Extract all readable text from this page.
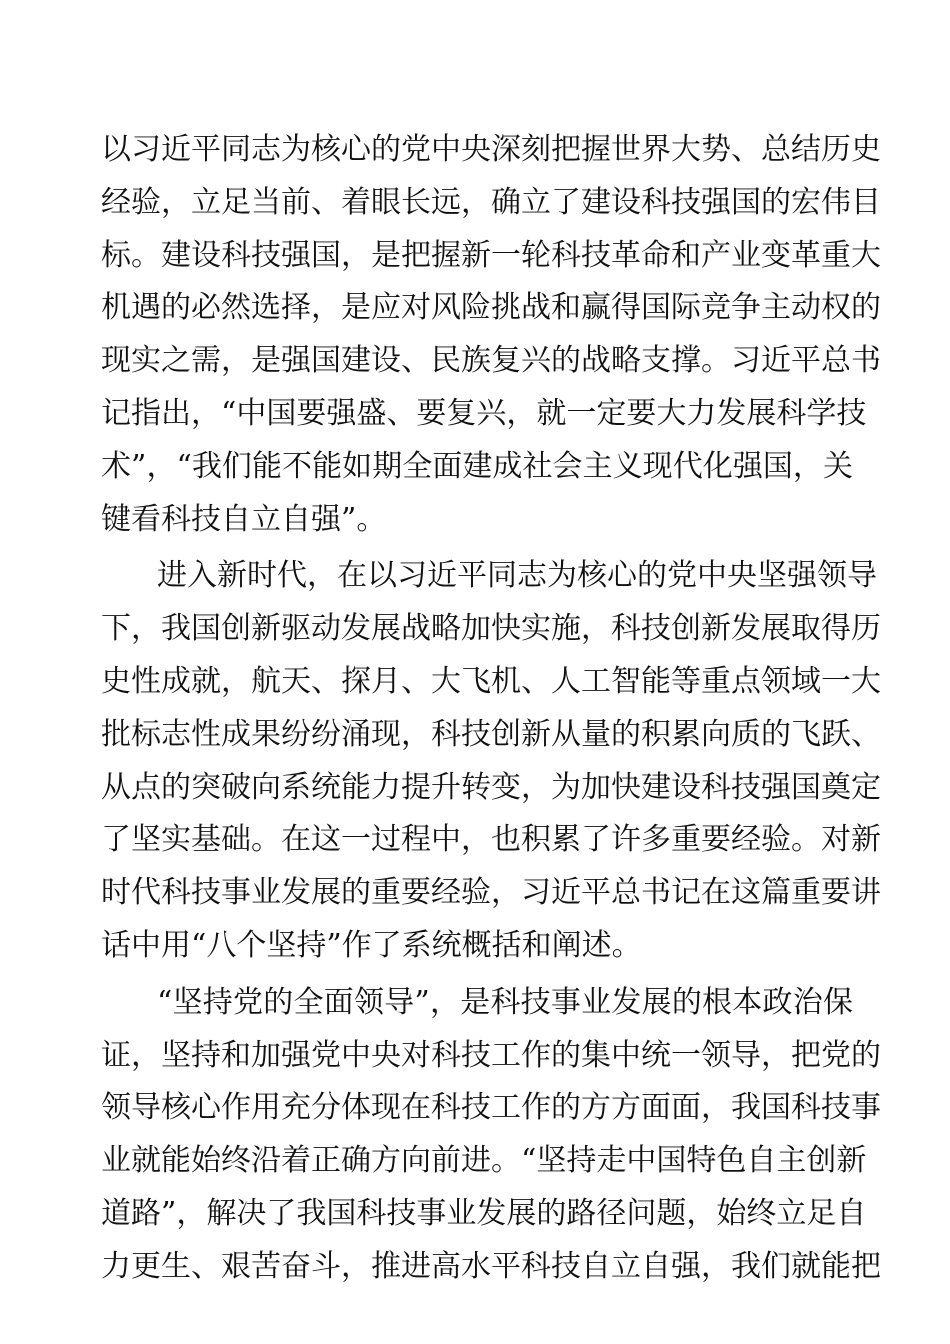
以习近平同志为核心的党中央深刻把握世界大势、总结历史
经验，立足当前、着眼长远，确立了建设科技强国的宏伟目
标。建设科技强国，是把握新一轮科技革命和产业变革重大
机遇的必然选择，是应对风险挑战和赢得国际竞争主动权的
现实之需，是强国建设、民族复兴的战略支撑。习近平总书
记指出，“中国要强盛、要复兴，就一定要大力发展科学技
术”，“我们能不能如期全面建成社会主义现代化强国，关
键看科技自立自强”。
进入新时代，在以习近平同志为核心的党中央坚强领导
下，我国创新驱动发展战略加快实施，科技创新发展取得历
史性成就，航天、探月、大飞机、人工智能等重点领域一大
批标志性成果纷纷涌现，科技创新从量的积累向质的飞跃、
从点的突破向系统能力提升转变，为加快建设科技强国奠定
了坚实基础。在这一过程中，也积累了许多重要经验。对新
时代科技事业发展的重要经验，习近平总书记在这篇重要讲
话中用“八个坚持”作了系统概括和阐述。
“坚持党的全面领导”，是科技事业发展的根本政治保
证，坚持和加强党中央对科技工作的集中统一领导，把党的
领导核心作用充分体现在科技工作的方方面面，我国科技事
业就能始终沿着正确方向前进。“坚持走中国特色自主创新
道路”，解决了我国科技事业发展的路径问题，始终立足自
力更生、艰苦奋斗，推进高水平科技自立自强，我们就能把
